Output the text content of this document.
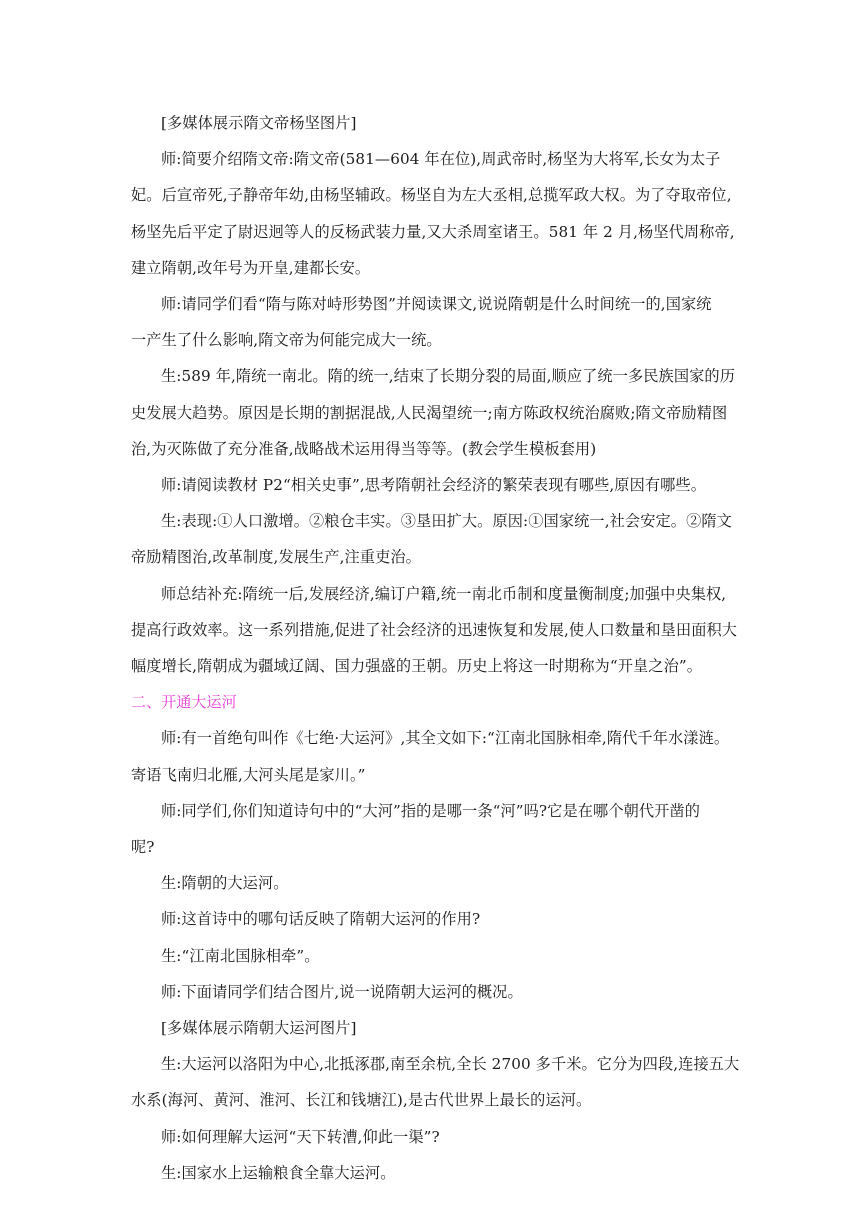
[多媒体展示隋文帝杨坚图片]
师:简要介绍隋文帝:隋文帝(581—604 年在位),周武帝时,杨坚为大将军,长女为太子
妃。后宣帝死,子静帝年幼,由杨坚辅政。杨坚自为左大丞相,总揽军政大权。为了夺取帝位,
杨坚先后平定了尉迟迥等人的反杨武装力量,又大杀周室诸王。581 年 2 月,杨坚代周称帝,
建立隋朝,改年号为开皇,建都长安。
师:请同学们看“隋与陈对峙形势图”并阅读课文,说说隋朝是什么时间统一的,国家统
一产生了什么影响,隋文帝为何能完成大一统。
生:589 年,隋统一南北。隋的统一,结束了长期分裂的局面,顺应了统一多民族国家的历
史发展大趋势。原因是长期的割据混战,人民渴望统一;南方陈政权统治腐败;隋文帝励精图
治,为灭陈做了充分准备,战略战术运用得当等等。(教会学生模板套用)
师:请阅读教材 P2“相关史事”,思考隋朝社会经济的繁荣表现有哪些,原因有哪些。
生:表现:①人口激增。②粮仓丰实。③垦田扩大。原因:①国家统一,社会安定。②隋文
帝励精图治,改革制度,发展生产,注重吏治。
师总结补充:隋统一后,发展经济,编订户籍,统一南北币制和度量衡制度;加强中央集权,
提高行政效率。这一系列措施,促进了社会经济的迅速恢复和发展,使人口数量和垦田面积大
幅度增长,隋朝成为疆域辽阔、国力强盛的王朝。历史上将这一时期称为“开皇之治”。
二、开通大运河
师:有一首绝句叫作《七绝·大运河》,其全文如下:“江南北国脉相牵,隋代千年水漾涟。
寄语飞南归北雁,大河头尾是家川。”
师:同学们,你们知道诗句中的“大河”指的是哪一条“河”吗?它是在哪个朝代开凿的
呢?
生:隋朝的大运河。
师:这首诗中的哪句话反映了隋朝大运河的作用?
生:“江南北国脉相牵”。
师:下面请同学们结合图片,说一说隋朝大运河的概况。
[多媒体展示隋朝大运河图片]
生:大运河以洛阳为中心,北抵涿郡,南至余杭,全长 2700 多千米。它分为四段,连接五大
水系(海河、黄河、淮河、长江和钱塘江),是古代世界上最长的运河。
师:如何理解大运河“天下转漕,仰此一渠”?
生:国家水上运输粮食全靠大运河。
